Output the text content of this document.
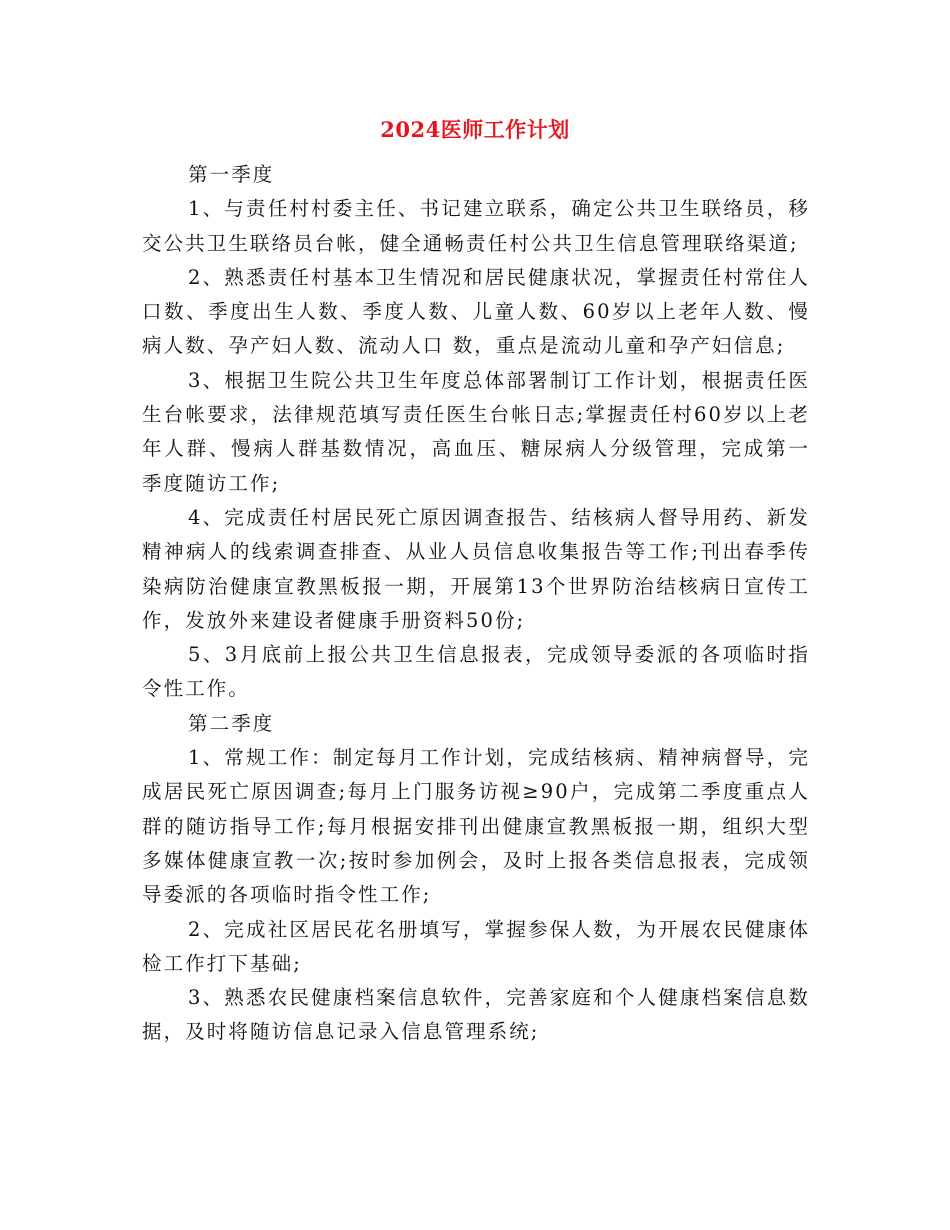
2024医师工作计划

第一季度

1、与责任村村委主任、书记建立联系，确定公共卫生联络员，移交公共卫生联络员台帐，健全通畅责任村公共卫生信息管理联络渠道;

2、熟悉责任村基本卫生情况和居民健康状况，掌握责任村常住人口数、季度出生人数、季度人数、儿童人数、60岁以上老年人数、慢病人数、孕产妇人数、流动人口 数，重点是流动儿童和孕产妇信息;

3、根据卫生院公共卫生年度总体部署制订工作计划，根据责任医生台帐要求，法律规范填写责任医生台帐日志;掌握责任村60岁以上老年人群、慢病人群基数情况，高血压、糖尿病人分级管理，完成第一季度随访工作;

4、完成责任村居民死亡原因调查报告、结核病人督导用药、新发精神病人的线索调查排查、从业人员信息收集报告等工作;刊出春季传染病防治健康宣教黑板报一期，开展第13个世界防治结核病日宣传工作，发放外来建设者健康手册资料50份;

5、3月底前上报公共卫生信息报表，完成领导委派的各项临时指令性工作。

第二季度

1、常规工作：制定每月工作计划，完成结核病、精神病督导，完成居民死亡原因调查;每月上门服务访视≥90户，完成第二季度重点人群的随访指导工作;每月根据安排刊出健康宣教黑板报一期，组织大型多媒体健康宣教一次;按时参加例会，及时上报各类信息报表，完成领导委派的各项临时指令性工作;

2、完成社区居民花名册填写，掌握参保人数，为开展农民健康体检工作打下基础;

3、熟悉农民健康档案信息软件，完善家庭和个人健康档案信息数据，及时将随访信息记录入信息管理系统;
